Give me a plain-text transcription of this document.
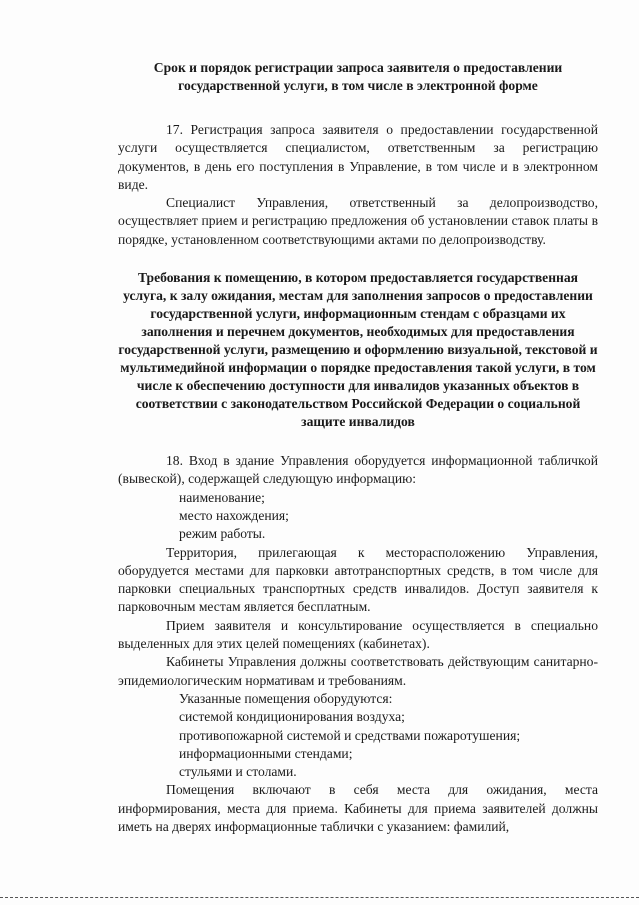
Срок и порядок регистрации запроса заявителя о предоставлении государственной услуги, в том числе в электронной форме

17. Регистрация запроса заявителя о предоставлении государственной услуги осуществляется специалистом, ответственным за регистрацию документов, в день его поступления в Управление, в том числе и в электронном виде.

Специалист Управления, ответственный за делопроизводство, осуществляет прием и регистрацию предложения об установлении ставок платы в порядке, установленном соответствующими актами по делопроизводству.

Требования к помещению, в котором предоставляется государственная услуга, к залу ожидания, местам для заполнения запросов о предоставлении государственной услуги, информационным стендам с образцами их заполнения и перечнем документов, необходимых для предоставления государственной услуги, размещению и оформлению визуальной, текстовой и мультимедийной информации о порядке предоставления такой услуги, в том числе к обеспечению доступности для инвалидов указанных объектов в соответствии с законодательством Российской Федерации о социальной защите инвалидов

18. Вход в здание Управления оборудуется информационной табличкой (вывеской), содержащей следующую информацию:

наименование;

место нахождения;

режим работы.

Территория, прилегающая к месторасположению Управления, оборудуется местами для парковки автотранспортных средств, в том числе для парковки специальных транспортных средств инвалидов. Доступ заявителя к парковочным местам является бесплатным.

Прием заявителя и консультирование осуществляется в специально выделенных для этих целей помещениях (кабинетах).

Кабинеты Управления должны соответствовать действующим санитарно-эпидемиологическим нормативам и требованиям.

Указанные помещения оборудуются:

системой кондиционирования воздуха;

противопожарной системой и средствами пожаротушения;

информационными стендами;

стульями и столами.

Помещения включают в себя места для ожидания, места информирования, места для приема. Кабинеты для приема заявителей должны иметь на дверях информационные таблички с указанием: фамилий,
